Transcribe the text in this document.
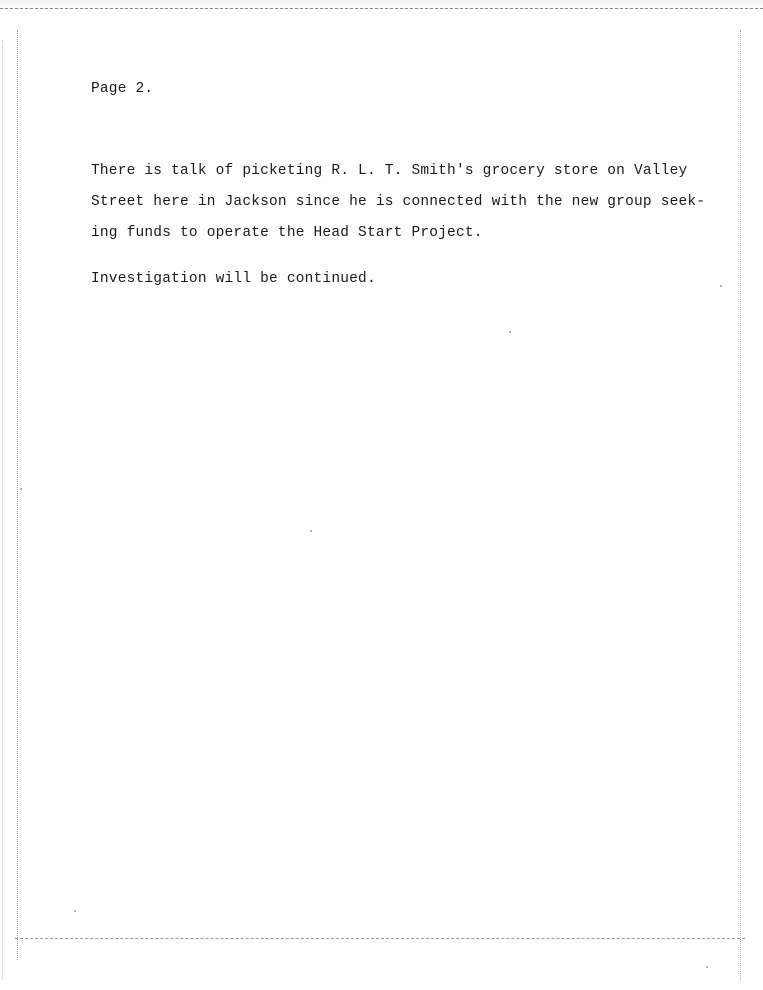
Page 2.

There is talk of picketing R. L. T. Smith's grocery store on Valley

Street here in Jackson since he is connected with the new group seek-

ing funds to operate the Head Start Project.

Investigation will be continued.
